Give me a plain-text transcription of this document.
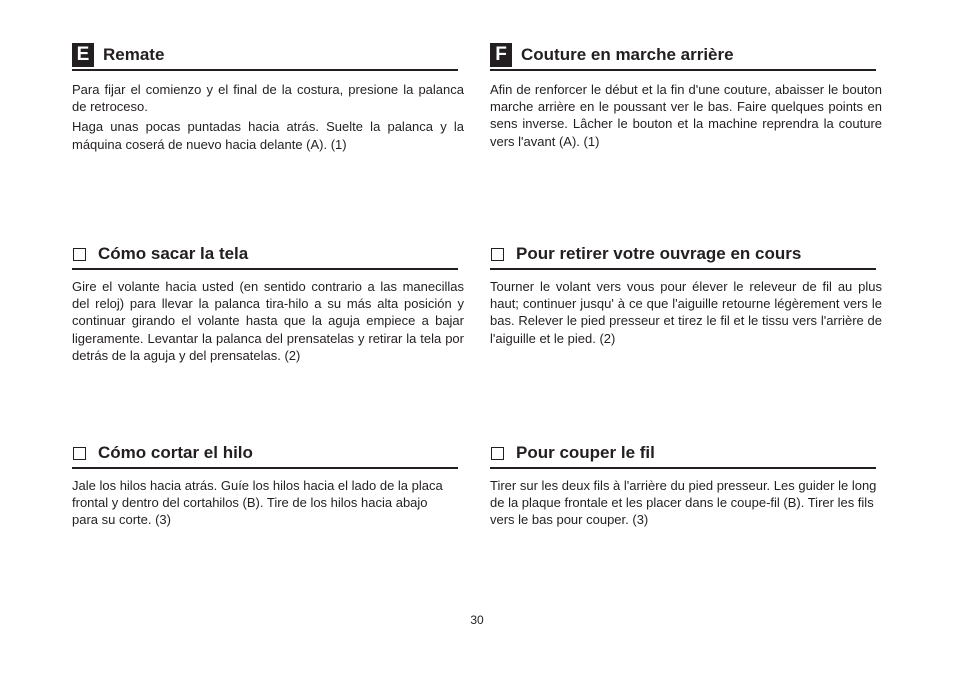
E Remate

Para fijar el comienzo y el final de la costura, presione la palanca de retroceso.

Haga unas pocas puntadas hacia atrás. Suelte la palanca y la máquina coserá de nuevo hacia delante (A). (1)

F Couture en marche arrière

Afin de renforcer le début et la fin d'une couture, abaisser le bouton marche arrière en le poussant ver le bas. Faire quelques points en sens inverse. Lâcher le bouton et la machine reprendra la couture vers l'avant (A). (1)

Cómo sacar la tela

Gire el volante hacia usted (en sentido contrario a las manecillas del reloj) para llevar la palanca tira-hilo a su más alta posición y continuar girando el volante hasta que la aguja empiece a bajar ligeramente. Levantar la palanca del prensatelas y retirar la tela por detrás de la aguja y del prensatelas. (2)

Pour retirer votre ouvrage en cours

Tourner le volant vers vous pour élever le releveur de fil au plus haut; continuer jusqu' à ce que l'aiguille retourne légèrement vers le bas. Relever le pied presseur et tirez le fil et le tissu vers l'arrière de l'aiguille et le pied. (2)

Cómo cortar el hilo

Jale los hilos hacia atrás. Guíe los hilos hacia el lado de la placa frontal y dentro del cortahilos (B). Tire de los hilos hacia abajo para su corte. (3)

Pour couper le fil

Tirer sur les deux fils à l'arrière du pied presseur. Les guider le long de la plaque frontale et les placer dans le coupe-fil (B). Tirer les fils vers le bas pour couper. (3)

30
